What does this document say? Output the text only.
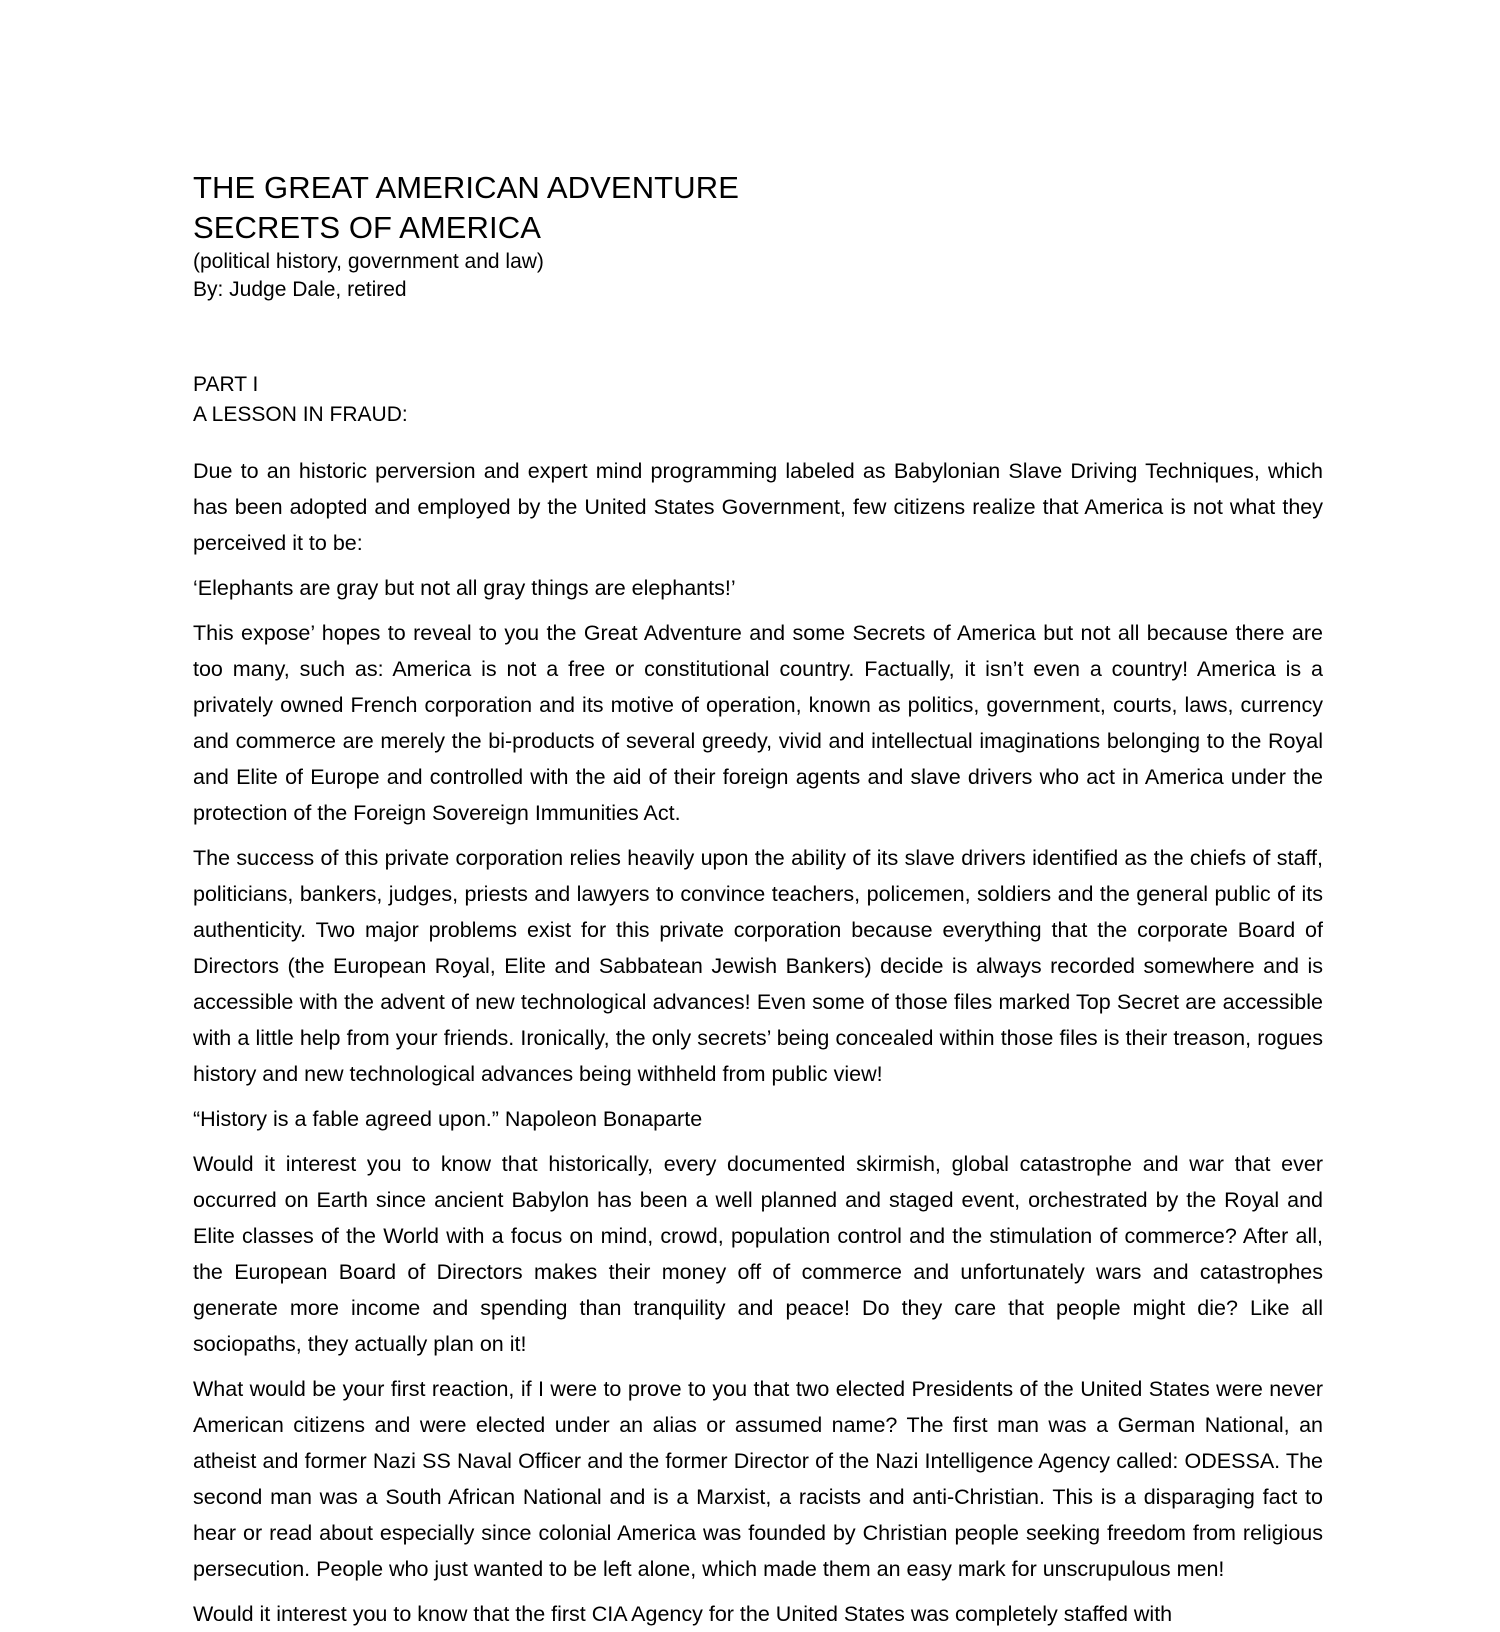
THE GREAT AMERICAN ADVENTURE
SECRETS OF AMERICA
(political history, government and law)
By: Judge Dale, retired
PART I
A LESSON IN FRAUD:

Due to an historic perversion and expert mind programming labeled as Babylonian Slave Driving Techniques, which has been adopted and employed by the United States Government, few citizens realize that America is not what they perceived it to be:

‘Elephants are gray but not all gray things are elephants!’

This expose’ hopes to reveal to you the Great Adventure and some Secrets of America but not all because there are too many, such as: America is not a free or constitutional country. Factually, it isn’t even a country! America is a privately owned French corporation and its motive of operation, known as politics, government, courts, laws, currency and commerce are merely the bi-products of several greedy, vivid and intellectual imaginations belonging to the Royal and Elite of Europe and controlled with the aid of their foreign agents and slave drivers who act in America under the protection of the Foreign Sovereign Immunities Act.

The success of this private corporation relies heavily upon the ability of its slave drivers identified as the chiefs of staff, politicians, bankers, judges, priests and lawyers to convince teachers, policemen, soldiers and the general public of its authenticity. Two major problems exist for this private corporation because everything that the corporate Board of Directors (the European Royal, Elite and Sabbatean Jewish Bankers) decide is always recorded somewhere and is accessible with the advent of new technological advances! Even some of those files marked Top Secret are accessible with a little help from your friends. Ironically, the only secrets’ being concealed within those files is their treason, rogues history and new technological advances being withheld from public view!

“History is a fable agreed upon.” Napoleon Bonaparte

Would it interest you to know that historically, every documented skirmish, global catastrophe and war that ever occurred on Earth since ancient Babylon has been a well planned and staged event, orchestrated by the Royal and Elite classes of the World with a focus on mind, crowd, population control and the stimulation of commerce? After all, the European Board of Directors makes their money off of commerce and unfortunately wars and catastrophes generate more income and spending than tranquility and peace! Do they care that people might die? Like all sociopaths, they actually plan on it!

What would be your first reaction, if I were to prove to you that two elected Presidents of the United States were never American citizens and were elected under an alias or assumed name? The first man was a German National, an atheist and former Nazi SS Naval Officer and the former Director of the Nazi Intelligence Agency called: ODESSA. The second man was a South African National and is a Marxist, a racists and anti-Christian. This is a disparaging fact to hear or read about especially since colonial America was founded by Christian people seeking freedom from religious persecution. People who just wanted to be left alone, which made them an easy mark for unscrupulous men!

Would it interest you to know that the first CIA Agency for the United States was completely staffed with
